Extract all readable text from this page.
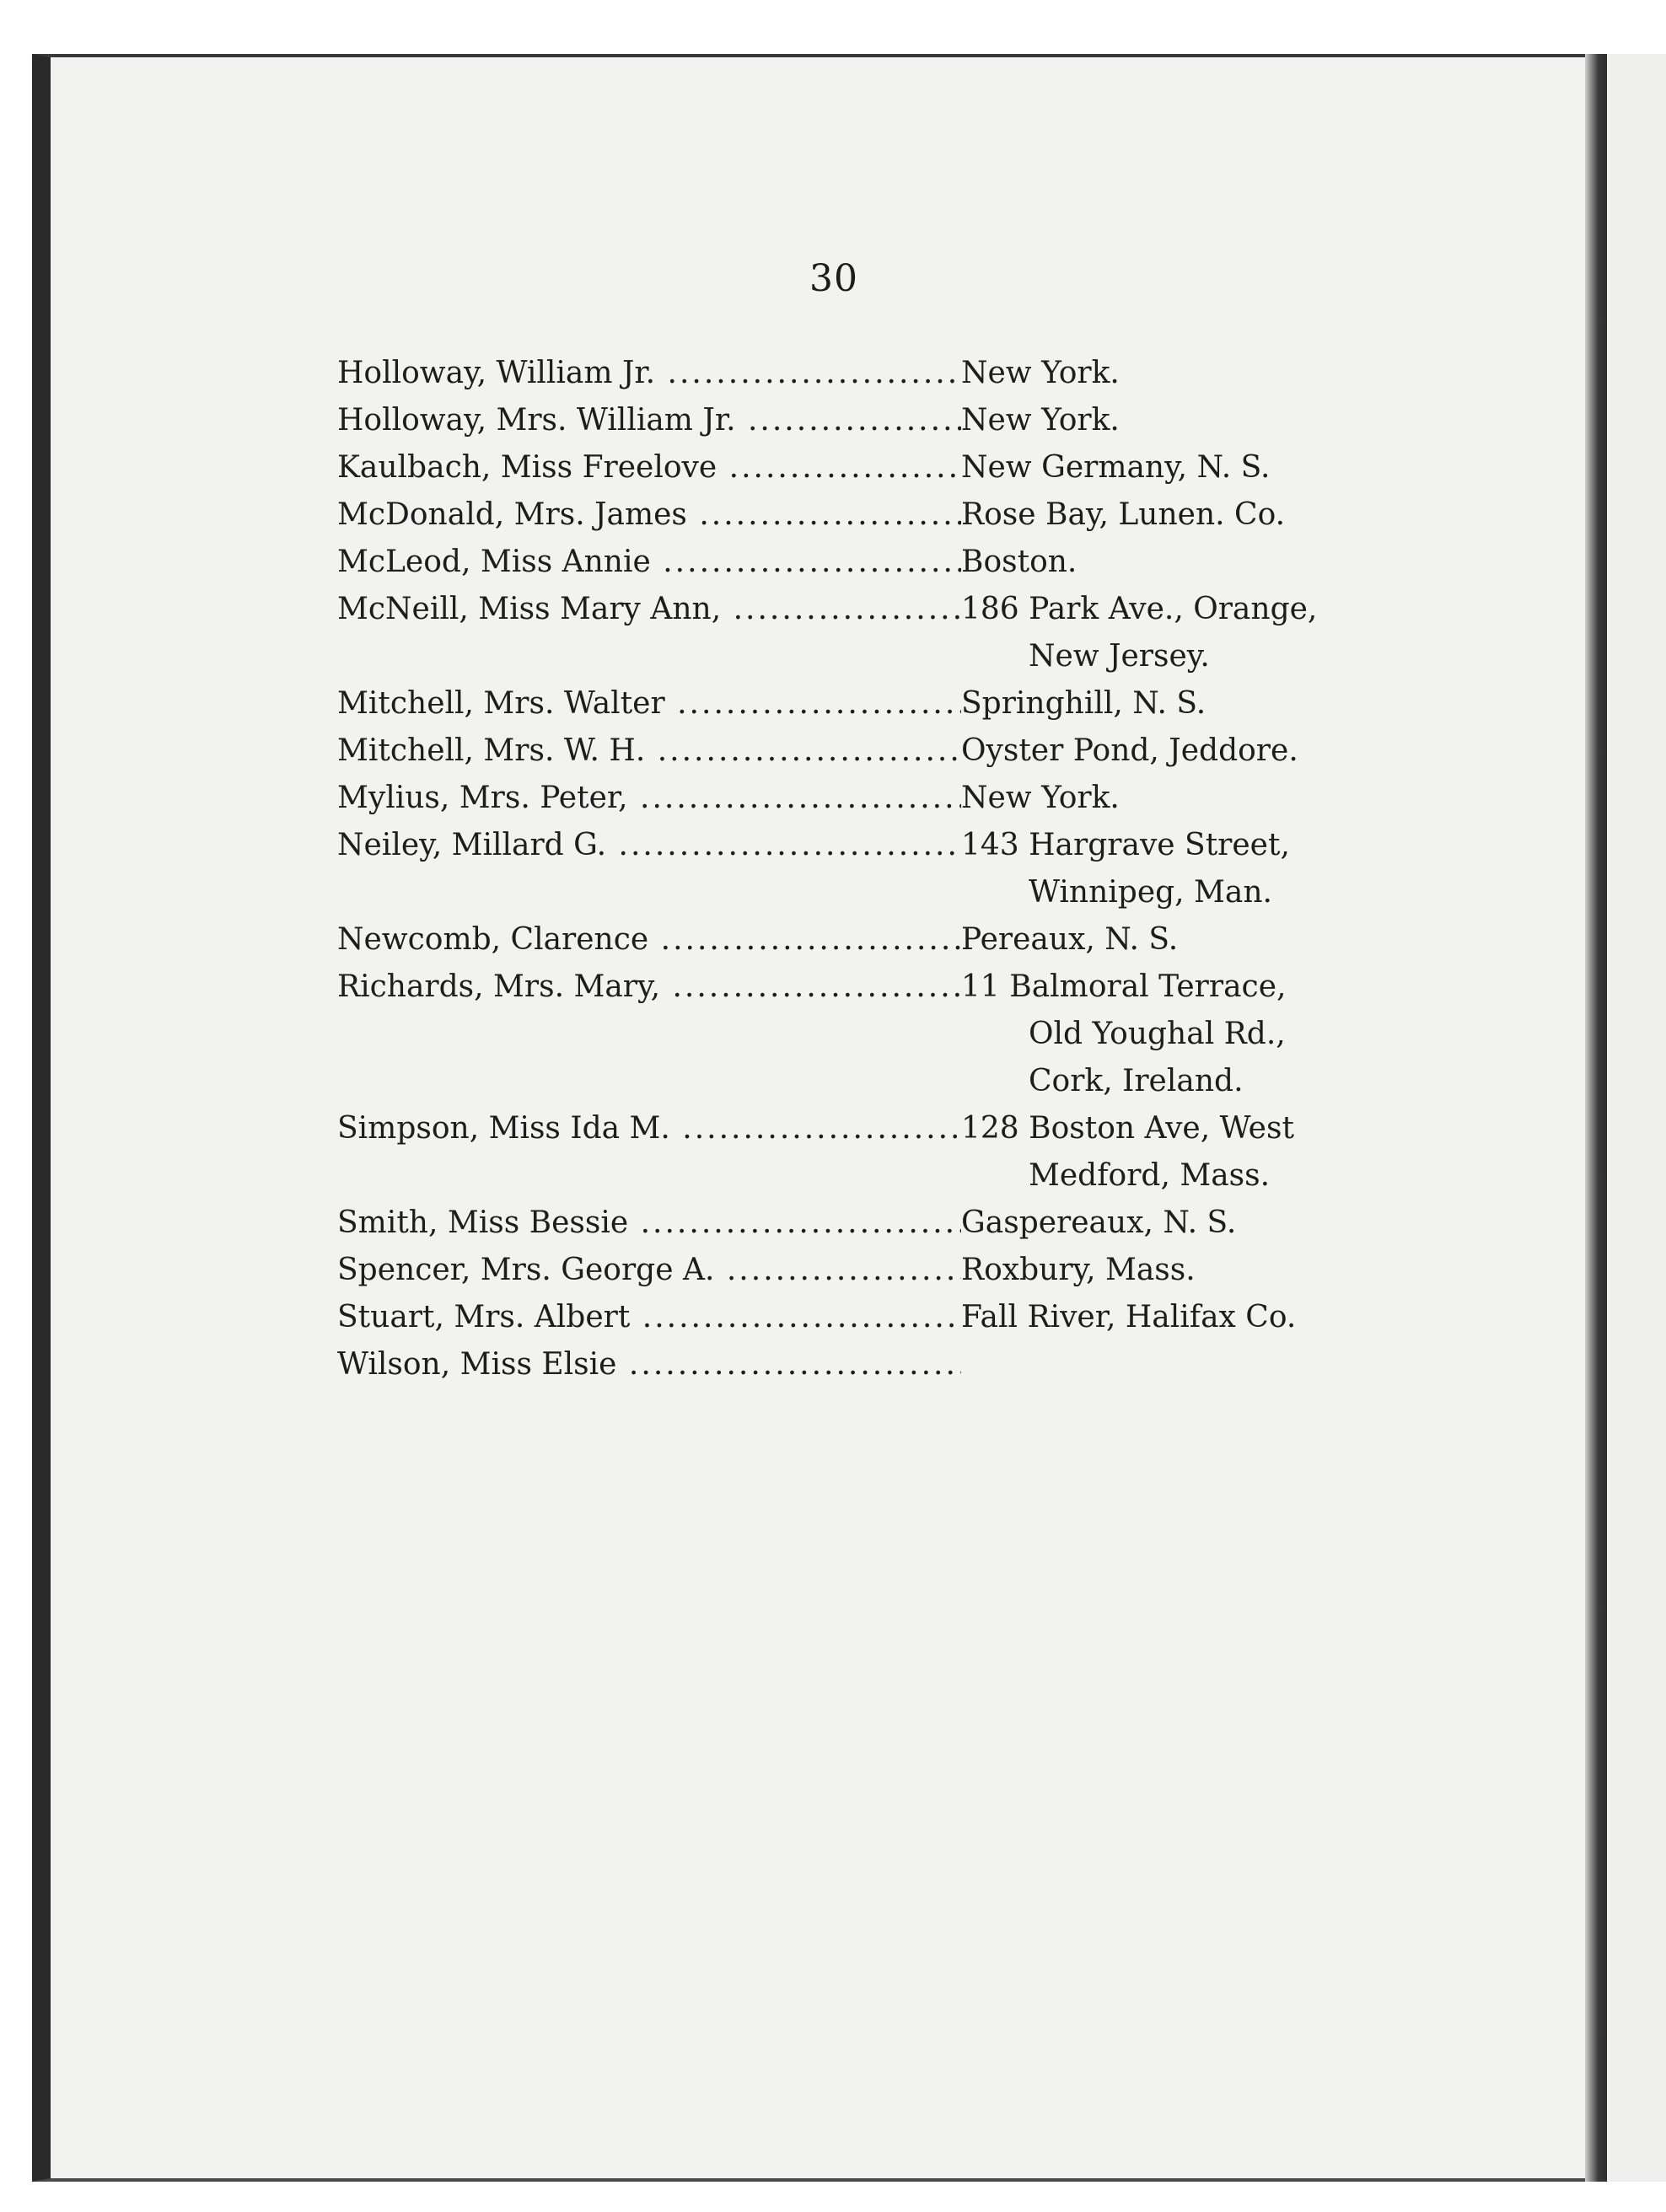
30
Holloway, William Jr. .....	New York.
Holloway, Mrs. William Jr. .....	New York.
Kaulbach, Miss Freelove .....	New Germany, N. S.
McDonald, Mrs. James .....	Rose Bay, Lunen. Co.
McLeod, Miss Annie .....	Boston.
McNeill, Miss Mary Ann, .....	186 Park Ave., Orange,
New Jersey.
Mitchell, Mrs. Walter .....	Springhill, N. S.
Mitchell, Mrs. W. H. .....	Oyster Pond, Jeddore.
Mylius, Mrs. Peter, .....	New York.
Neiley, Millard G. .....	143 Hargrave Street,
Winnipeg, Man.
Newcomb, Clarence .....	Pereaux, N. S.
Richards, Mrs. Mary, .....	11 Balmoral Terrace,
Old Youghal Rd.,
Cork, Ireland.
Simpson, Miss Ida M. .....	128 Boston Ave, West
Medford, Mass.
Smith, Miss Bessie .....	Gaspereaux, N. S.
Spencer, Mrs. George A. .....	Roxbury, Mass.
Stuart, Mrs. Albert .....	Fall River, Halifax Co.
Wilson, Miss Elsie .....
